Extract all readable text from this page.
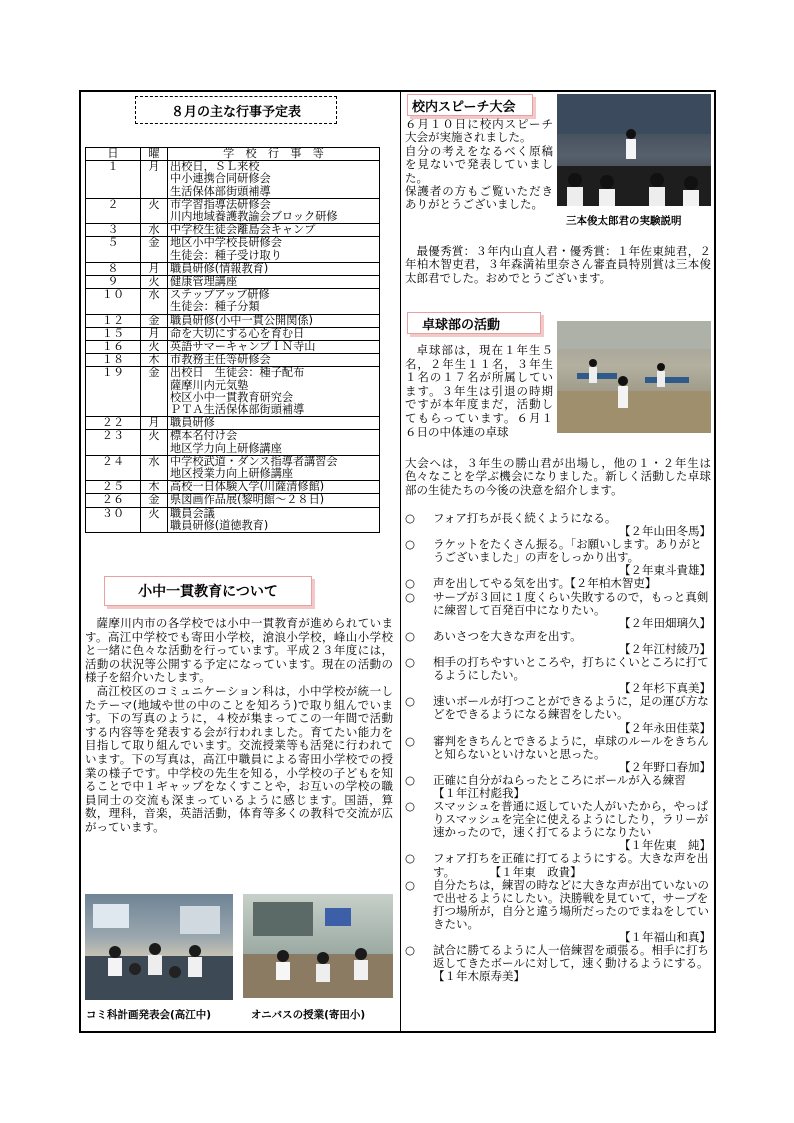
８月の主な行事予定表
日	曜	学　校　行　事　等
１	月	出校日，ＳＬ来校
中小連携合同研修会
生活保体部街頭補導
２	火	市学習指導法研修会
川内地域養護教諭会ブロック研修
３	水	中学校生徒会離島会キャンプ
５	金	地区小中学校長研修会
生徒会：種子受け取り
８	月	職員研修(情報教育)
９	火	健康管理講座
１０	水	ステップアップ研修
生徒会：種子分類
１２	金	職員研修(小中一貫公開関係)
１５	月	命を大切にする心を育む日
１６	火	英語サマーキャンプＩＮ寺山
１８	木	市教務主任等研修会
１９	金	出校日　生徒会：種子配布
薩摩川内元気塾
校区小中一貫教育研究会
ＰＴＡ生活保体部街頭補導
２２	月	職員研修
２３	火	標本名付け会
地区学力向上研修講座
２４	水	中学校武道・ダンス指導者講習会
地区授業力向上研修講座
２５	木	高校一日体験入学(川薩清修館)
２６	金	県図画作品展(黎明館～２８日)
３０	火	職員会議
職員研修(道徳教育)
小中一貫教育について

薩摩川内市の各学校では小中一貫教育が進められています。高江中学校でも寄田小学校，滄浪小学校，峰山小学校と一緒に色々な活動を行っています。平成２３年度には，活動の状況等公開する予定になっています。現在の活動の様子を紹介いたします。

高江校区のコミュニケーション科は，小中学校が統一したテーマ(地域や世の中のことを知ろう)で取り組んでいます。下の写真のように，４校が集まってこの一年間で活動する内容等を発表する会が行われました。育てたい能力を目指して取り組んでいます。交流授業等も活発に行われています。下の写真は，高江中職員による寄田小学校での授業の様子です。中学校の先生を知る，小学校の子どもを知ることで中１ギャップをなくすことや，お互いの学校の職員同士の交流も深まっているように感じます。国語，算数，理科，音楽，英語活動，体育等多くの教科で交流が広がっています。

コミ科計画発表会(高江中)	オニバスの授業(寄田小)
校内スピーチ大会
三本俊太郎君の実験説明
６月１０日に校内スピーチ大会が実施されました。
自分の考えをなるべく原稿を見ないで発表していました。
保護者の方もご覧いただきありがとうございました。
最優秀賞：３年内山直人君・優秀賞：１年佐東純君，２年柏木智吏君，３年森満祐里奈さん審査員特別賞は三本俊太郎君でした。おめでとうございます。
卓球部の活動
卓球部は，現在１年生５名，２年生１１名，３年生１名の１７名が所属しています。３年生は引退の時期ですが本年度まだ，活動してもらっています。６月１６日の中体連の卓球
大会へは，３年生の勝山君が出場し，他の１・２年生は色々なことを学ぶ機会になりました。新しく活動した卓球部の生徒たちの今後の決意を紹介します。
○ フォア打ちが長く続くようになる。
【２年山田冬馬】
○ ラケットをたくさん振る。「お願いします。ありがとうございました」の声をしっかり出す。
【２年東斗貴雄】
○ 声を出してやる気を出す。【２年柏木智吏】
○ サーブが３回に１度くらい失敗するので，もっと真剣に練習して百発百中になりたい。
【２年田畑璃久】
○ あいさつを大きな声を出す。
【２年江村綾乃】
○ 相手の打ちやすいところや，打ちにくいところに打てるようにしたい。
【２年杉下真美】
○ 速いボールが打つことができるように，足の運び方などをできるようになる練習をしたい。
【２年永田佳菜】
○ 審判をきちんとできるように，卓球のルールをきちんと知らないといけないと思った。
【２年野口春加】
○ 正確に自分がねらったところにボールが入る練習　　　　　　【１年江村彪我】
○ スマッシュを普通に返していた人がいたから，やっぱりスマッシュを完全に使えるようにしたり，ラリーが速かったので，速く打てるようになりたい
【１年佐東　純】
○ フォア打ちを正確に打てるようにする。大きな声を出す。　　　　【１年東　政貴】
○ 自分たちは，練習の時などに大きな声が出ていないので出せるようにしたい。決勝戦を見ていて，サーブを打つ場所が，自分と違う場所だったのでまねをしていきたい。
【１年福山和真】
○ 試合に勝てるように人一倍練習を頑張る。相手に打ち返してきたボールに対して，速く動けるようにする。　　　【１年木原寿美】
